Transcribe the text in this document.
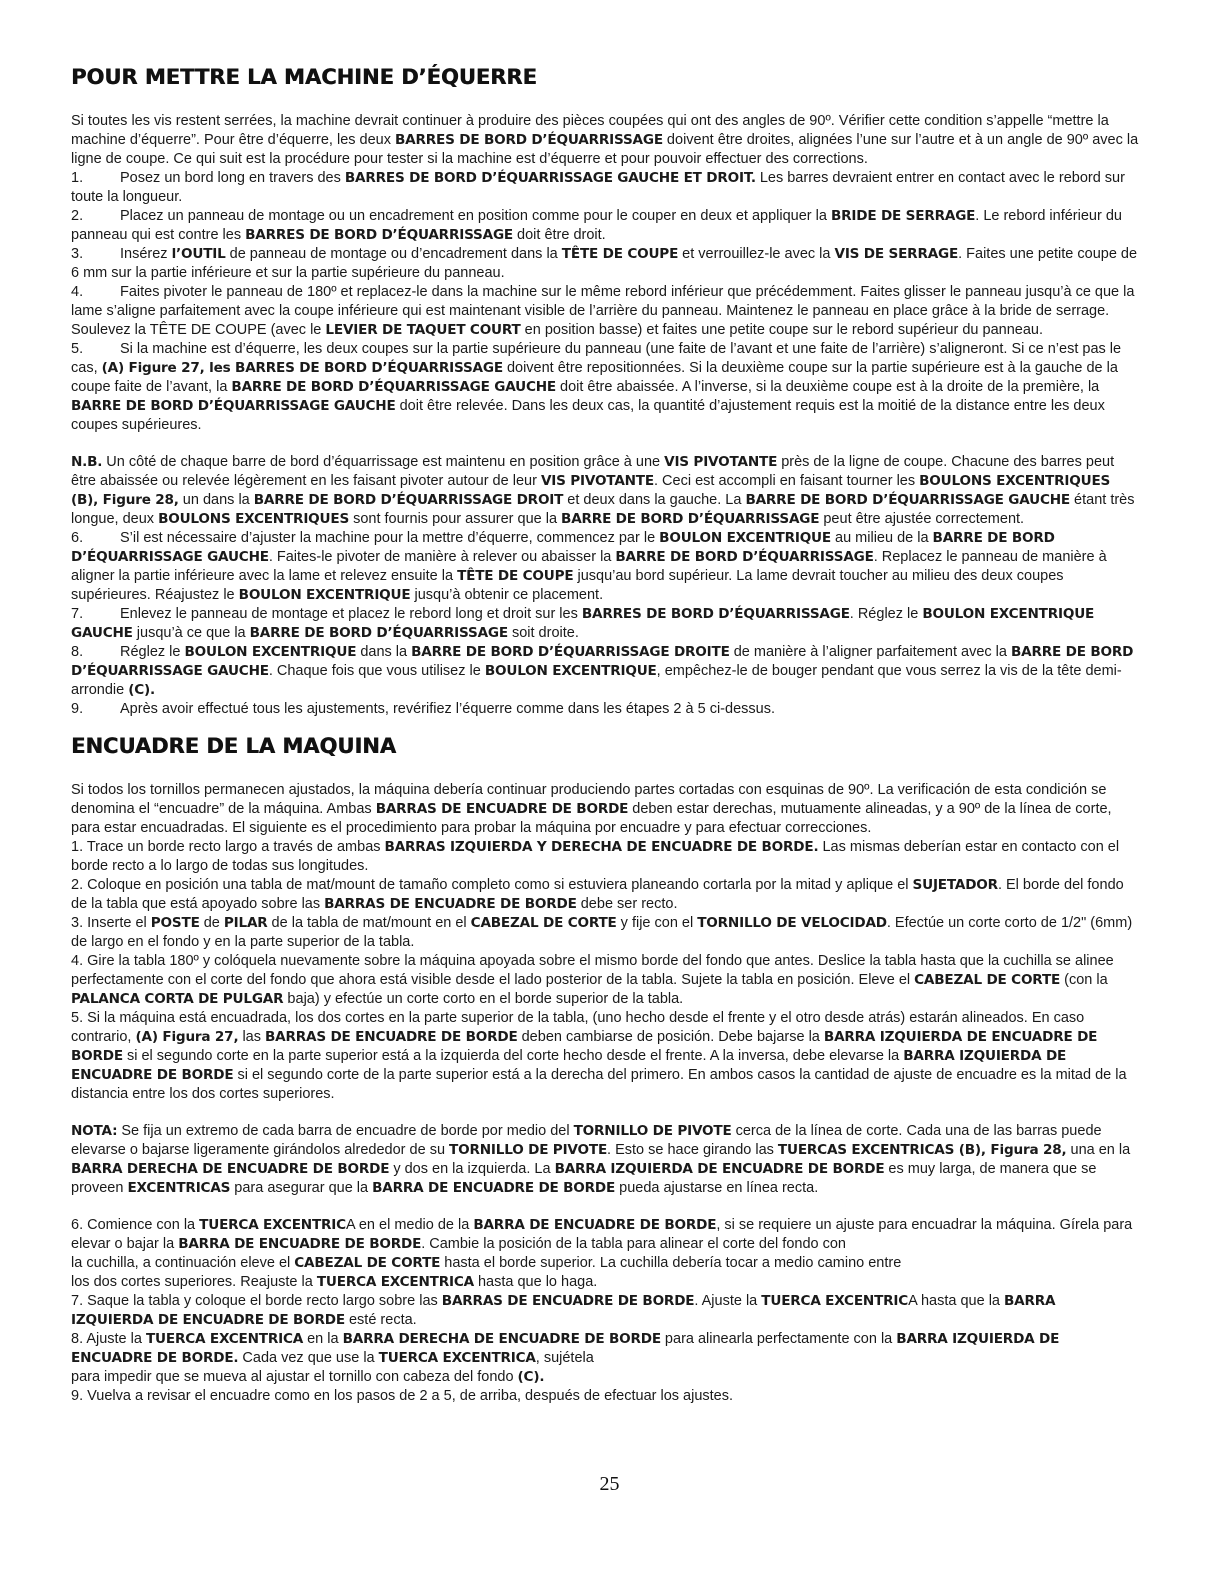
POUR METTRE LA MACHINE D’ÉQUERRE

Si toutes les vis restent serrées, la machine devrait continuer à produire des pièces coupées qui ont des angles de 90º. Vérifier cette condition s’appelle “mettre la machine d’équerre”. Pour être d’équerre, les deux BARRES DE BORD D’ÉQUARRISSAGE doivent être droites, alignées l’une sur l’autre et à un angle de 90º avec la ligne de coupe. Ce qui suit est la procédure pour tester si la machine est d’équerre et pour pouvoir effectuer des corrections.

1.	Posez un bord long en travers des BARRES DE BORD D’ÉQUARRISSAGE GAUCHE ET DROIT. Les barres devraient entrer en contact avec le rebord sur toute la longueur.

2.	Placez un panneau de montage ou un encadrement en position comme pour le couper en deux et appliquer la BRIDE DE SERRAGE. Le rebord inférieur du panneau qui est contre les BARRES DE BORD D’ÉQUARRISSAGE doit être droit.

3.	Insérez l’OUTIL de panneau de montage ou d’encadrement dans la TÊTE DE COUPE et verrouillez-le avec la VIS DE SERRAGE. Faites une petite coupe de 6 mm sur la partie inférieure et sur la partie supérieure du panneau.

4.	Faites pivoter le panneau de 180º et replacez-le dans la machine sur le même rebord inférieur que précédemment. Faites glisser le panneau jusqu’à ce que la lame s’aligne parfaitement avec la coupe inférieure qui est maintenant visible de l’arrière du panneau. Maintenez le panneau en place grâce à la bride de serrage. Soulevez la TÊTE DE COUPE (avec le LEVIER DE TAQUET COURT en position basse) et faites une petite coupe sur le rebord supérieur du panneau.

5.	Si la machine est d’équerre, les deux coupes sur la partie supérieure du panneau (une faite de l’avant et une faite de l’arrière) s’aligneront. Si ce n’est pas le cas, (A) Figure 27, les BARRES DE BORD D’ÉQUARRISSAGE doivent être repositionnées. Si la deuxième coupe sur la partie supérieure est à la gauche de la coupe faite de l’avant, la BARRE DE BORD D’ÉQUARRISSAGE GAUCHE doit être abaissée. A l’inverse, si la deuxième coupe est à la droite de la première, la BARRE DE BORD D’ÉQUARRISSAGE GAUCHE doit être relevée. Dans les deux cas, la quantité d’ajustement requis est la moitié de la distance entre les deux coupes supérieures.

N.B. Un côté de chaque barre de bord d’équarrissage est maintenu en position grâce à une VIS PIVOTANTE près de la ligne de coupe. Chacune des barres peut être abaissée ou relevée légèrement en les faisant pivoter autour de leur VIS PIVOTANTE. Ceci est accompli en faisant tourner les BOULONS EXCENTRIQUES (B), Figure 28, un dans la BARRE DE BORD D’ÉQUARRISSAGE DROIT et deux dans la gauche. La BARRE DE BORD D’ÉQUARRISSAGE GAUCHE étant très longue, deux BOULONS EXCENTRIQUES sont fournis pour assurer que la BARRE DE BORD D’ÉQUARRISSAGE peut être ajustée correctement.

6.	S’il est nécessaire d’ajuster la machine pour la mettre d’équerre, commencez par le BOULON EXCENTRIQUE au milieu de la BARRE DE BORD D’ÉQUARRISSAGE GAUCHE. Faites-le pivoter de manière à relever ou abaisser la BARRE DE BORD D’ÉQUARRISSAGE. Replacez le panneau de manière à aligner la partie inférieure avec la lame et relevez ensuite la TÊTE DE COUPE jusqu’au bord supérieur. La lame devrait toucher au milieu des deux coupes supérieures. Réajustez le BOULON EXCENTRIQUE jusqu’à obtenir ce placement.

7.	Enlevez le panneau de montage et placez le rebord long et droit sur les BARRES DE BORD D’ÉQUARRISSAGE. Réglez le BOULON EXCENTRIQUE GAUCHE jusqu’à ce que la BARRE DE BORD D’ÉQUARRISSAGE soit droite.

8.	Réglez le BOULON EXCENTRIQUE dans la BARRE DE BORD D’ÉQUARRISSAGE DROITE de manière à l’aligner parfaitement avec la BARRE DE BORD D’ÉQUARRISSAGE GAUCHE. Chaque fois que vous utilisez le BOULON EXCENTRIQUE, empêchez-le de bouger pendant que vous serrez la vis de la tête demi-arrondie (C).

9.	Après avoir effectué tous les ajustements, revérifiez l’équerre comme dans les étapes 2 à 5 ci-dessus.

ENCUADRE DE LA MAQUINA

Si todos los tornillos permanecen ajustados, la máquina debería continuar produciendo partes cortadas con esquinas de 90º. La verificación de esta condición se denomina el “encuadre” de la máquina. Ambas BARRAS DE ENCUADRE DE BORDE deben estar derechas, mutuamente alineadas, y a 90º de la línea de corte, para estar encuadradas. El siguiente es el procedimiento para probar la máquina por encuadre y para efectuar correcciones.

1. Trace un borde recto largo a través de ambas BARRAS IZQUIERDA Y DERECHA DE ENCUADRE DE BORDE. Las mismas deberían estar en contacto con el borde recto a lo largo de todas sus longitudes.

2. Coloque en posición una tabla de mat/mount de tamaño completo como si estuviera planeando cortarla por la mitad y aplique el SUJETADOR. El borde del fondo de la tabla que está apoyado sobre las BARRAS DE ENCUADRE DE BORDE debe ser recto.

3. Inserte el POSTE de PILAR de la tabla de mat/mount en el CABEZAL DE CORTE y fije con el TORNILLO DE VELOCIDAD. Efectúe un corte corto de 1/2" (6mm) de largo en el fondo y en la parte superior de la tabla.

4. Gire la tabla 180º y colóquela nuevamente sobre la máquina apoyada sobre el mismo borde del fondo que antes. Deslice la tabla hasta que la cuchilla se alinee perfectamente con el corte del fondo que ahora está visible desde el lado posterior de la tabla. Sujete la tabla en posición. Eleve el CABEZAL DE CORTE (con la PALANCA CORTA DE PULGAR baja) y efectúe un corte corto en el borde superior de la tabla.

5. Si la máquina está encuadrada, los dos cortes en la parte superior de la tabla, (uno hecho desde el frente y el otro desde atrás) estarán alineados. En caso contrario, (A) Figura 27, las BARRAS DE ENCUADRE DE BORDE deben cambiarse de posición. Debe bajarse la BARRA IZQUIERDA DE ENCUADRE DE BORDE si el segundo corte en la parte superior está a la izquierda del corte hecho desde el frente. A la inversa, debe elevarse la BARRA IZQUIERDA DE ENCUADRE DE BORDE si el segundo corte de la parte superior está a la derecha del primero. En ambos casos la cantidad de ajuste de encuadre es la mitad de la distancia entre los dos cortes superiores.

NOTA: Se fija un extremo de cada barra de encuadre de borde por medio del TORNILLO DE PIVOTE cerca de la línea de corte. Cada una de las barras puede elevarse o bajarse ligeramente girándolos alrededor de su TORNILLO DE PIVOTE. Esto se hace girando las TUERCAS EXCENTRICAS (B), Figura 28, una en la BARRA DERECHA DE ENCUADRE DE BORDE y dos en la izquierda. La BARRA IZQUIERDA DE ENCUADRE DE BORDE es muy larga, de manera que se proveen EXCENTRICAS para asegurar que la BARRA DE ENCUADRE DE BORDE pueda ajustarse en línea recta.

6. Comience con la TUERCA EXCENTRICA en el medio de la BARRA DE ENCUADRE DE BORDE, si se requiere un ajuste para encuadrar la máquina. Gírela para elevar o bajar la BARRA DE ENCUADRE DE BORDE. Cambie la posición de la tabla para alinear el corte del fondo con
la cuchilla, a continuación eleve el CABEZAL DE CORTE hasta el borde superior. La cuchilla debería tocar a medio camino entre
los dos cortes superiores. Reajuste la TUERCA EXCENTRICA hasta que lo haga.

7. Saque la tabla y coloque el borde recto largo sobre las BARRAS DE ENCUADRE DE BORDE. Ajuste la TUERCA EXCENTRICA hasta que la BARRA IZQUIERDA DE ENCUADRE DE BORDE esté recta.

8. Ajuste la TUERCA EXCENTRICA en la BARRA DERECHA DE ENCUADRE DE BORDE para alinearla perfectamente con la BARRA IZQUIERDA DE ENCUADRE DE BORDE. Cada vez que use la TUERCA EXCENTRICA, sujétela
para impedir que se mueva al ajustar el tornillo con cabeza del fondo (C).

9. Vuelva a revisar el encuadre como en los pasos de 2 a 5, de arriba, después de efectuar los ajustes.

25
